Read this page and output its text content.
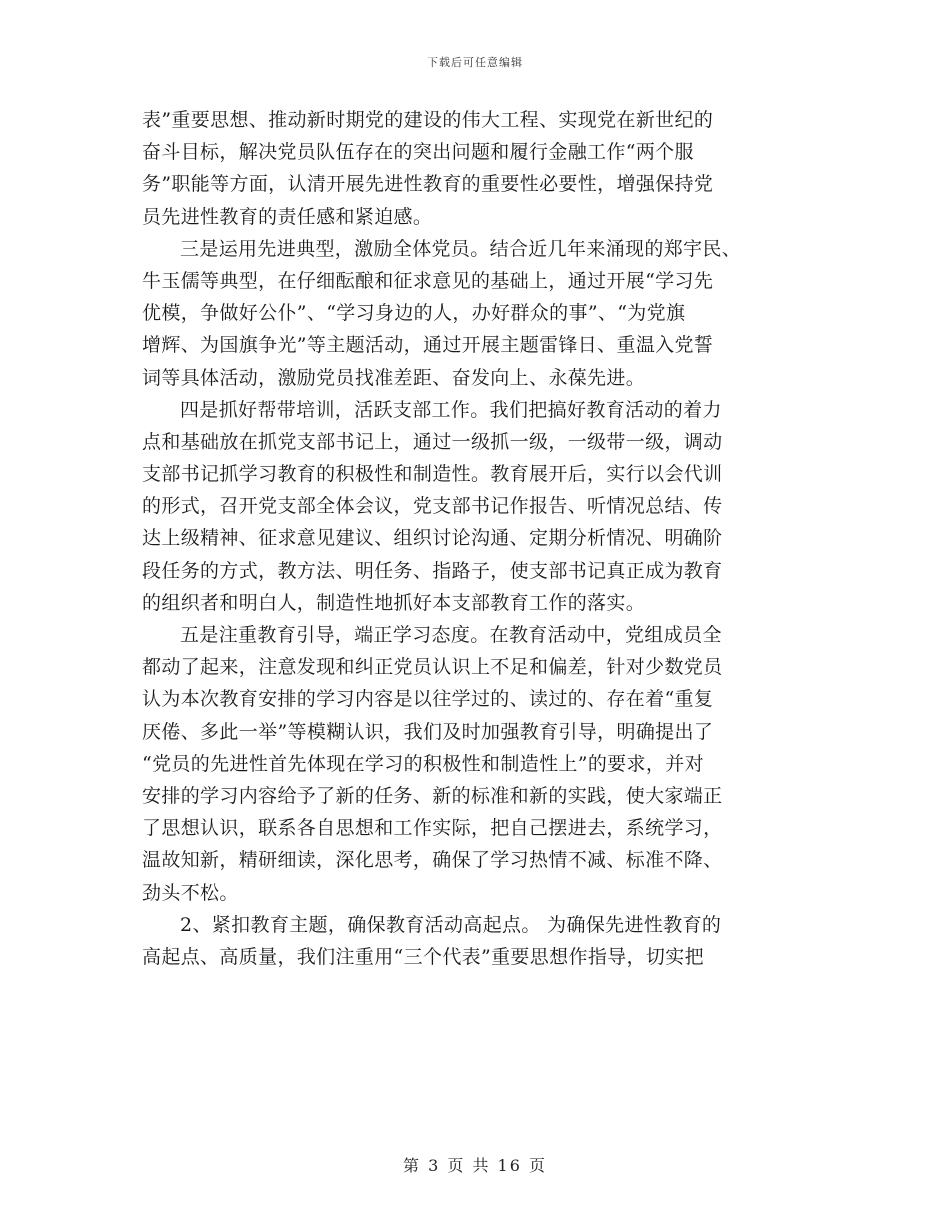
下载后可任意编辑
表”重要思想、推动新时期党的建设的伟大工程、实现党在新世纪的
奋斗目标，解决党员队伍存在的突出问题和履行金融工作“两个服
务”职能等方面，认清开展先进性教育的重要性必要性，增强保持党
员先进性教育的责任感和紧迫感。
三是运用先进典型，激励全体党员。结合近几年来涌现的郑宇民、
牛玉儒等典型，在仔细酝酿和征求意见的基础上，通过开展“学习先
优模，争做好公仆”、“学习身边的人，办好群众的事”、“为党旗
增辉、为国旗争光”等主题活动，通过开展主题雷锋日、重温入党誓
词等具体活动，激励党员找准差距、奋发向上、永葆先进。
四是抓好帮带培训，活跃支部工作。我们把搞好教育活动的着力
点和基础放在抓党支部书记上，通过一级抓一级，一级带一级，调动
支部书记抓学习教育的积极性和制造性。教育展开后，实行以会代训
的形式，召开党支部全体会议，党支部书记作报告、听情况总结、传
达上级精神、征求意见建议、组织讨论沟通、定期分析情况、明确阶
段任务的方式，教方法、明任务、指路子，使支部书记真正成为教育
的组织者和明白人，制造性地抓好本支部教育工作的落实。
五是注重教育引导，端正学习态度。在教育活动中，党组成员全
都动了起来，注意发现和纠正党员认识上不足和偏差，针对少数党员
认为本次教育安排的学习内容是以往学过的、读过的、存在着“重复
厌倦、多此一举”等模糊认识，我们及时加强教育引导，明确提出了
“党员的先进性首先体现在学习的积极性和制造性上”的要求，并对
安排的学习内容给予了新的任务、新的标准和新的实践，使大家端正
了思想认识，联系各自思想和工作实际，把自己摆进去，系统学习，
温故知新，精研细读，深化思考，确保了学习热情不减、标准不降、
劲头不松。
2、紧扣教育主题，确保教育活动高起点。 为确保先进性教育的
高起点、高质量，我们注重用“三个代表”重要思想作指导，切实把
第 3 页 共 16 页
